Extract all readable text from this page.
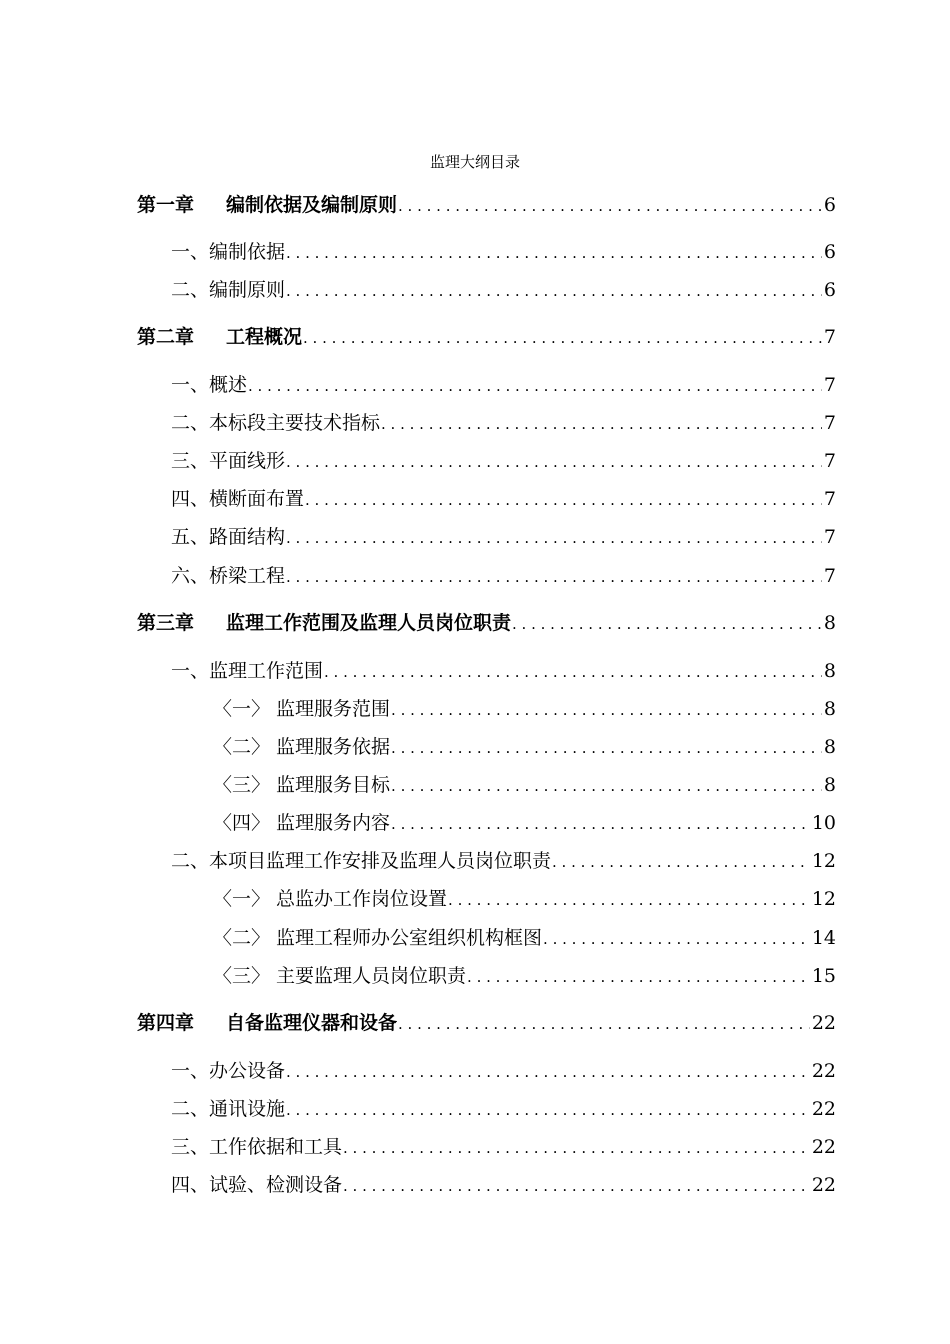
监理大纲目录
第一章 编制依据及编制原则 . . .	6
一、编制依据 . . .	6
二、编制原则 . . .	6
第二章 工程概况 . . .	7
一、概述 . . .	7
二、本标段主要技术指标 . . .	7
三、平面线形 . . .	7
四、横断面布置 . . .	7
五、路面结构 . . .	7
六、桥梁工程 . . .	7
第三章 监理工作范围及监理人员岗位职责 . . .	8
一、监理工作范围 . . .	8
〈一〉 监理服务范围 . . .	8
〈二〉 监理服务依据 . . .	8
〈三〉 监理服务目标 . . .	8
〈四〉 监理服务内容 . . .	10
二、本项目监理工作安排及监理人员岗位职责 . . .	12
〈一〉 总监办工作岗位设置 . . .	12
〈二〉 监理工程师办公室组织机构框图 . . .	14
〈三〉 主要监理人员岗位职责 . . .	15
第四章 自备监理仪器和设备 . . .	22
一、办公设备 . . .	22
二、通讯设施 . . .	22
三、工作依据和工具 . . .	22
四、试验、检测设备 . . .	22
